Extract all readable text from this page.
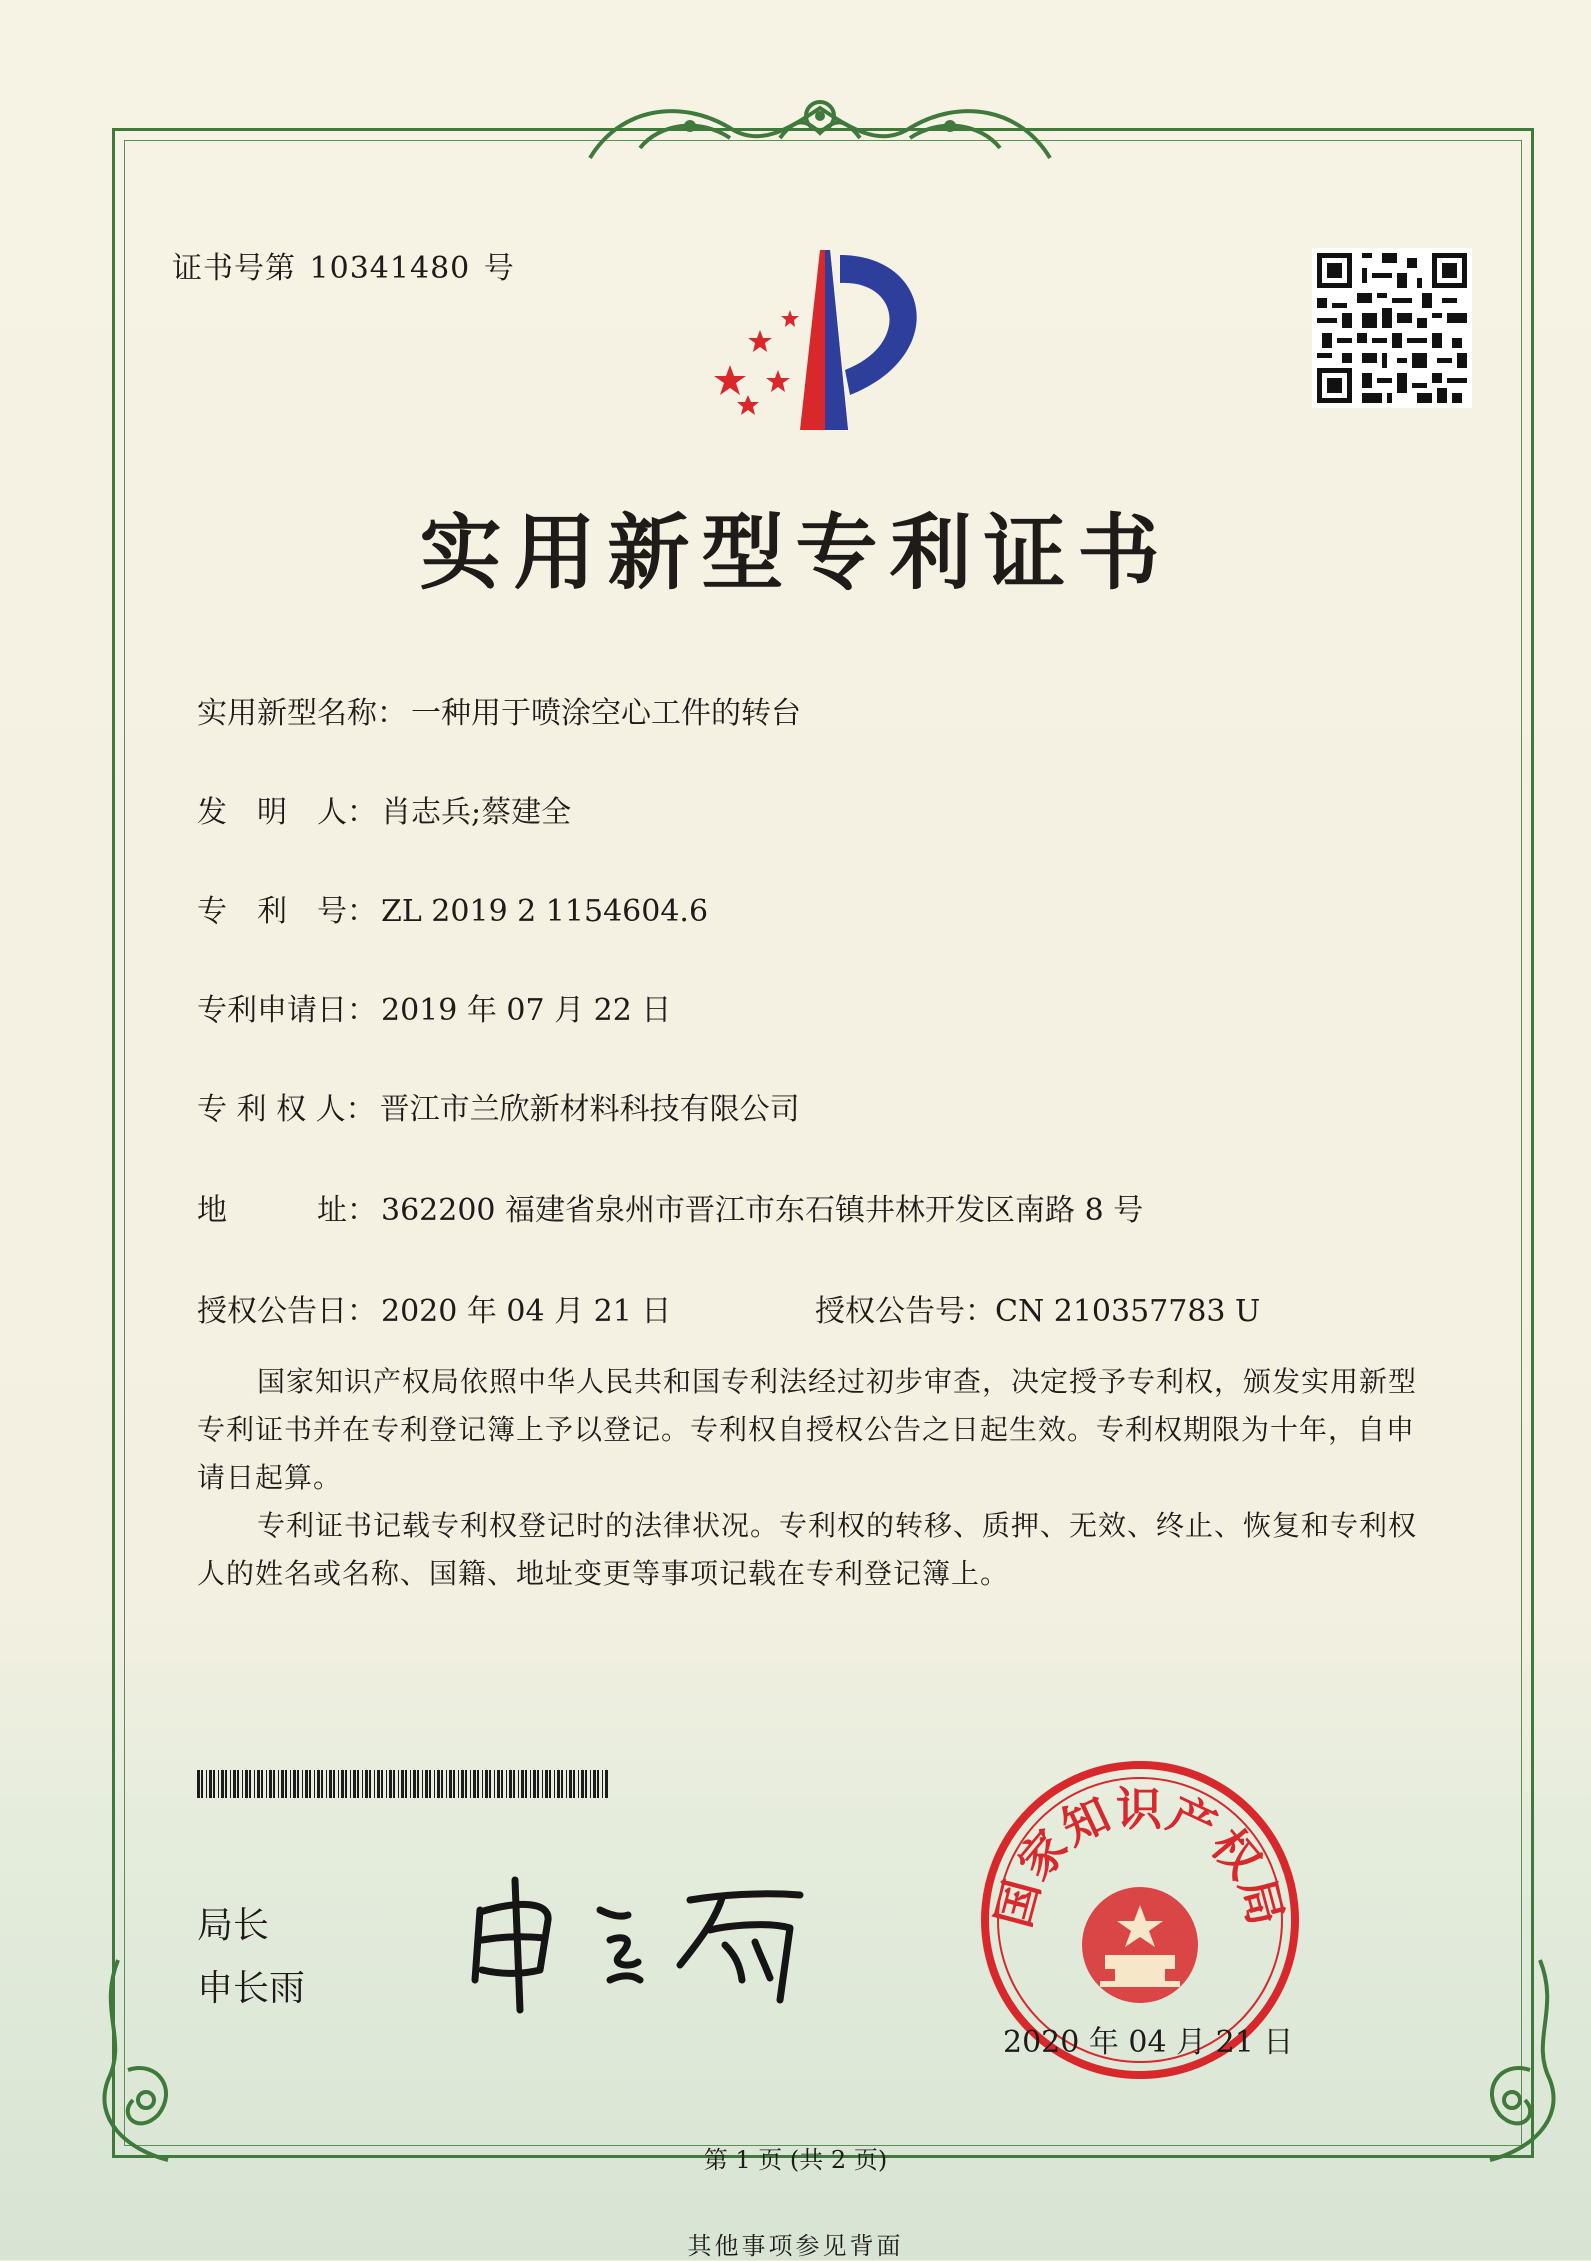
证书号第 10341480 号
实用新型专利证书
实用新型名称： 一种用于喷涂空心工件的转台
发　明　人： 肖志兵;蔡建全
专　利　号： ZL 2019 2 1154604.6
专利申请日： 2019 年 07 月 22 日
专 利 权 人： 晋江市兰欣新材料科技有限公司
地　　　址： 362200 福建省泉州市晋江市东石镇井林开发区南路 8 号
授权公告日： 2020 年 04 月 21 日	授权公告号：CN 210357783 U
国家知识产权局依照中华人民共和国专利法经过初步审查，决定授予专利权，颁发实用新型专利证书并在专利登记簿上予以登记。专利权自授权公告之日起生效。专利权期限为十年，自申请日起算。
专利证书记载专利权登记时的法律状况。专利权的转移、质押、无效、终止、恢复和专利权人的姓名或名称、国籍、地址变更等事项记载在专利登记簿上。
局长
申长雨
国家知识产权局
2020 年 04 月 21 日
第 1 页 (共 2 页)
其他事项参见背面
